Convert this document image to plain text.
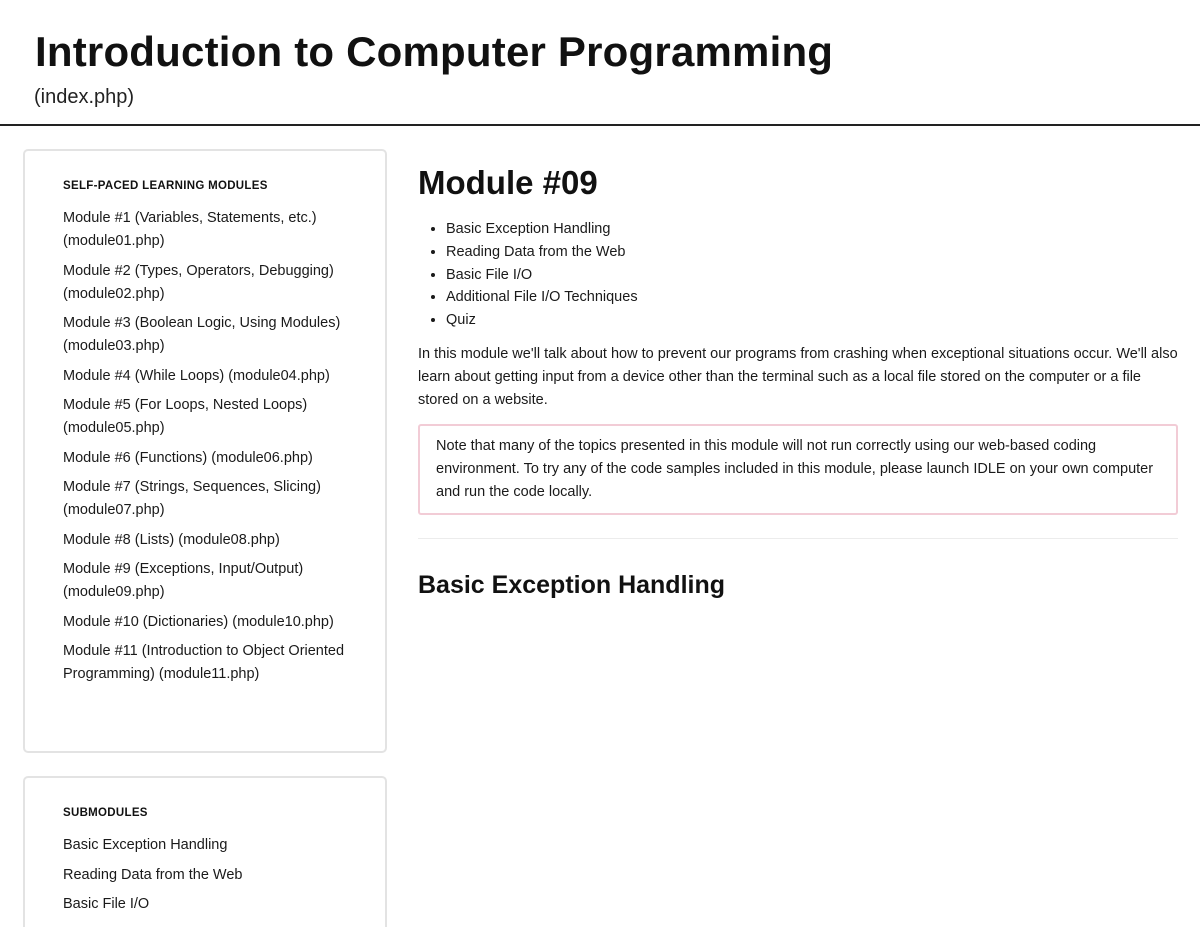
Introduction to Computer Programming
(index.php)
SELF-PACED LEARNING MODULES
Module #1 (Variables, Statements, etc.) (module01.php)
Module #2 (Types, Operators, Debugging) (module02.php)
Module #3 (Boolean Logic, Using Modules) (module03.php)
Module #4 (While Loops) (module04.php)
Module #5 (For Loops, Nested Loops) (module05.php)
Module #6 (Functions) (module06.php)
Module #7 (Strings, Sequences, Slicing) (module07.php)
Module #8 (Lists) (module08.php)
Module #9 (Exceptions, Input/Output) (module09.php)
Module #10 (Dictionaries) (module10.php)
Module #11 (Introduction to Object Oriented Programming) (module11.php)
SUBMODULES
Basic Exception Handling
Reading Data from the Web
Basic File I/O
Module #09
• Basic Exception Handling
• Reading Data from the Web
• Basic File I/O
• Additional File I/O Techniques
• Quiz

In this module we'll talk about how to prevent our programs from crashing when exceptional situations occur. We'll also learn about getting input from a device other than the terminal such as a local file stored on the computer or a file stored on a website.

Note that many of the topics presented in this module will not run correctly using our web-based coding environment. To try any of the code samples included in this module, please launch IDLE on your own computer and run the code locally.
Basic Exception Handling
